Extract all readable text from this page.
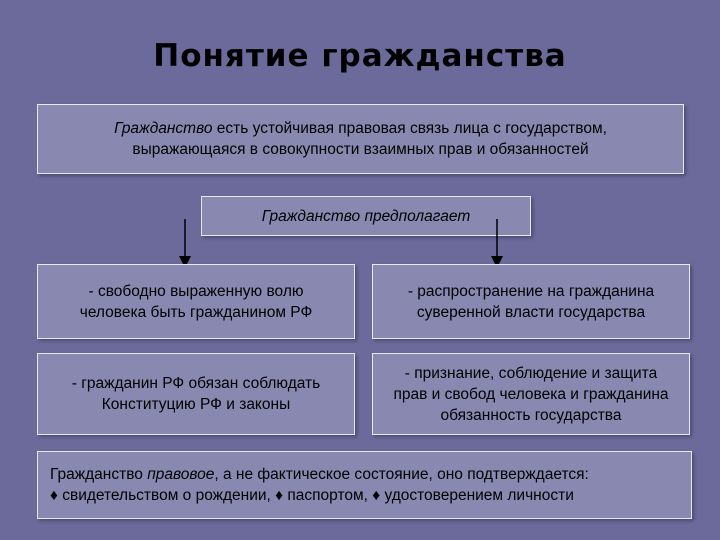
Понятие гражданства
Гражданство есть устойчивая правовая связь лица с государством,
выражающаяся в совокупности взаимных прав и обязанностей
Гражданство предполагает
- свободно выраженную волю
человека быть гражданином РФ
- распространение на гражданина
суверенной власти государства
- гражданин РФ обязан соблюдать
Конституцию РФ и законы
- признание, соблюдение и защита
прав и свобод человека и гражданина
обязанность государства
Гражданство правовое, а не фактическое состояние, оно подтверждается:
♦ свидетельством о рождении, ♦ паспортом, ♦ удостоверением личности
